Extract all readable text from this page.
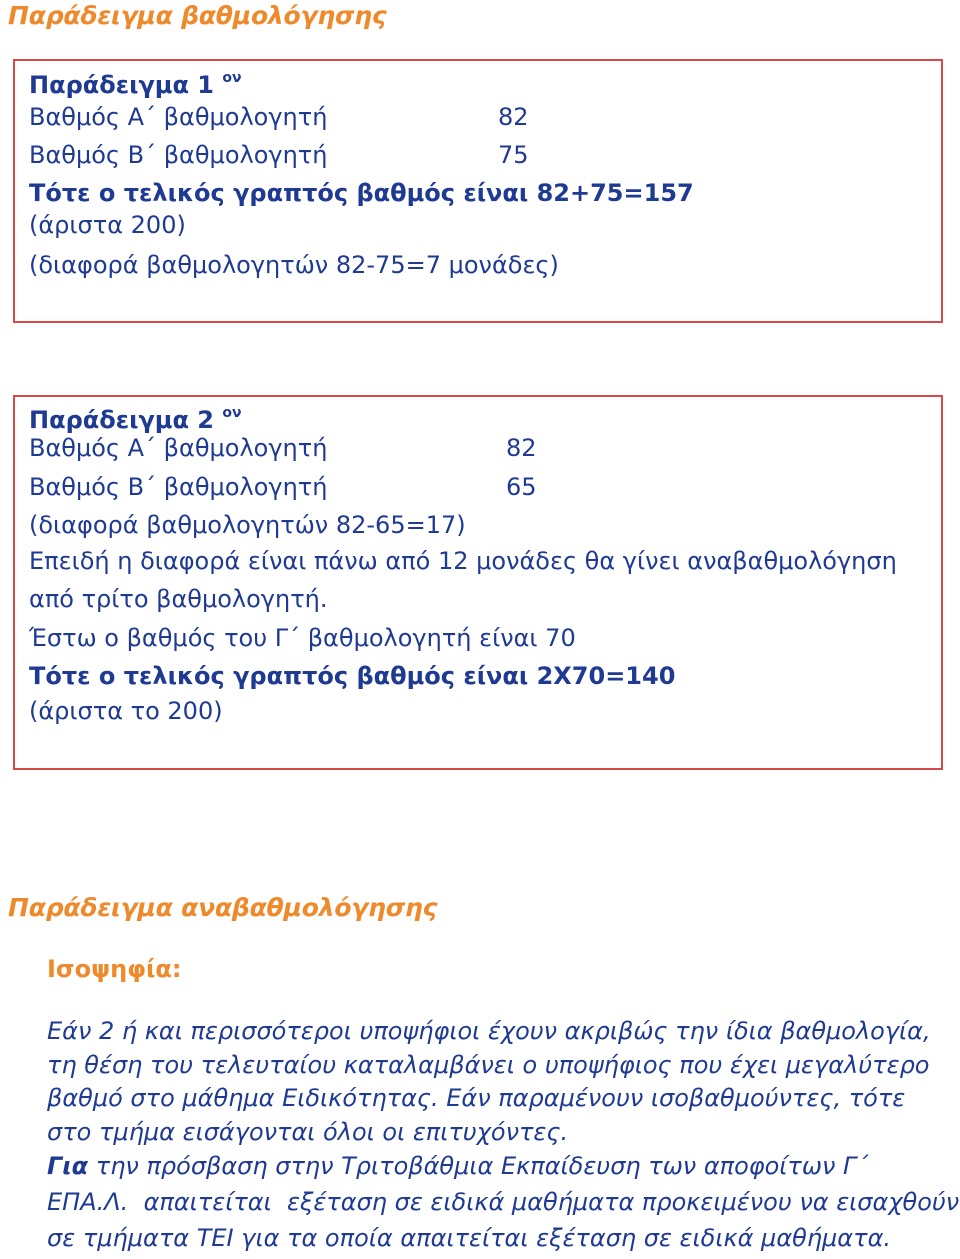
Παράδειγμα βαθμολόγησης
Παράδειγμα 1 $^{o\nu}$
Βαθμός Α΄ βαθμολογητή	82
Βαθμός Β΄ βαθμολογητή	75
Τότε ο τελικός γραπτός βαθμός είναι 82+75=157
(άριστα 200)
(διαφορά βαθμολογητών 82-75=7 μονάδες)
Παράδειγμα 2 $^{o\nu}$
Βαθμός Α΄ βαθμολογητή	82
Βαθμός Β΄ βαθμολογητή	65
(διαφορά βαθμολογητών 82-65=17)
Επειδή η διαφορά είναι πάνω από 12 μονάδες θα γίνει αναβαθμολόγηση
από τρίτο βαθμολογητή.
Έστω ο βαθμός του Γ΄ βαθμολογητή είναι 70
Τότε ο τελικός γραπτός βαθμός είναι 2Χ70=140
(άριστα το 200)
Παράδειγμα αναβαθμολόγησης
Ισοψηφία:

Εάν 2 ή και περισσότεροι υποψήφιοι έχουν ακριβώς την ίδια βαθμολογία, τη θέση του τελευταίου καταλαμβάνει ο υποψήφιος που έχει μεγαλύτερο βαθμό στο μάθημα Ειδικότητας. Εάν παραμένουν ισοβαθμούντες, τότε στο τμήμα εισάγονται όλοι οι επιτυχόντες.

Για την πρόσβαση στην Τριτοβάθμια Εκπαίδευση των αποφοίτων Γ΄
ΕΠΑ.Λ.  απαιτείται  εξέταση σε ειδικά μαθήματα προκειμένου να εισαχθούν
σε τμήματα ΤΕΙ για τα οποία απαιτείται εξέταση σε ειδικά μαθήματα.
